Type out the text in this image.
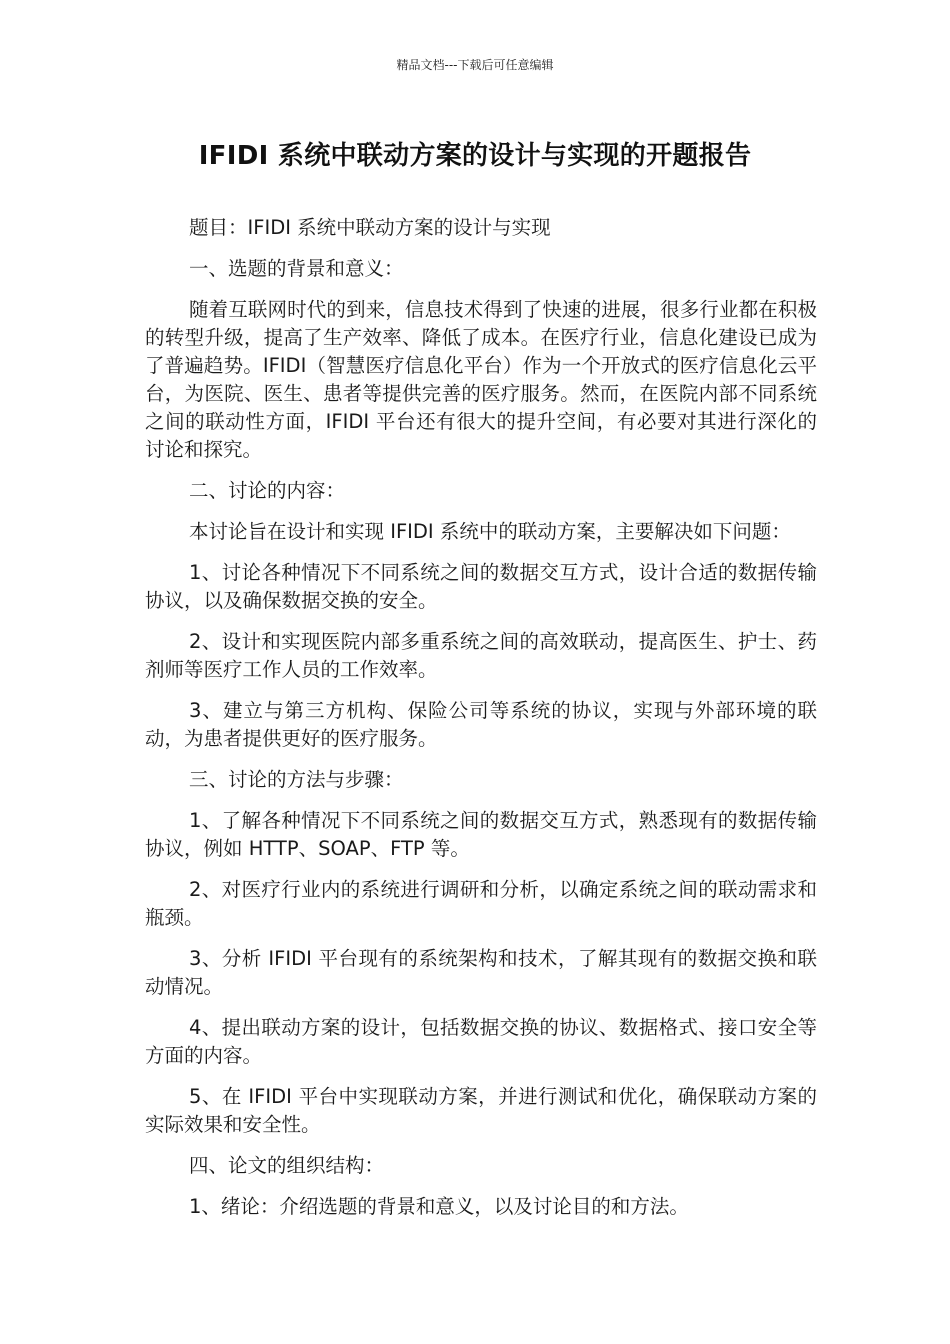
精品文档---下载后可任意编辑
IFIDI 系统中联动方案的设计与实现的开题报告

题目：IFIDI 系统中联动方案的设计与实现

一、选题的背景和意义：

随着互联网时代的到来，信息技术得到了快速的进展，很多行业都在积极的转型升级，提高了生产效率、降低了成本。在医疗行业，信息化建设已成为了普遍趋势。IFIDI（智慧医疗信息化平台）作为一个开放式的医疗信息化云平台，为医院、医生、患者等提供完善的医疗服务。然而，在医院内部不同系统之间的联动性方面，IFIDI 平台还有很大的提升空间，有必要对其进行深化的讨论和探究。

二、讨论的内容：

本讨论旨在设计和实现 IFIDI 系统中的联动方案，主要解决如下问题：

1、讨论各种情况下不同系统之间的数据交互方式，设计合适的数据传输协议，以及确保数据交换的安全。

2、设计和实现医院内部多重系统之间的高效联动，提高医生、护士、药剂师等医疗工作人员的工作效率。

3、建立与第三方机构、保险公司等系统的协议，实现与外部环境的联动，为患者提供更好的医疗服务。

三、讨论的方法与步骤：

1、了解各种情况下不同系统之间的数据交互方式，熟悉现有的数据传输协议，例如 HTTP、SOAP、FTP 等。

2、对医疗行业内的系统进行调研和分析，以确定系统之间的联动需求和瓶颈。

3、分析 IFIDI 平台现有的系统架构和技术，了解其现有的数据交换和联动情况。

4、提出联动方案的设计，包括数据交换的协议、数据格式、接口安全等方面的内容。

5、在 IFIDI 平台中实现联动方案，并进行测试和优化，确保联动方案的实际效果和安全性。

四、论文的组织结构：

1、绪论：介绍选题的背景和意义，以及讨论目的和方法。
